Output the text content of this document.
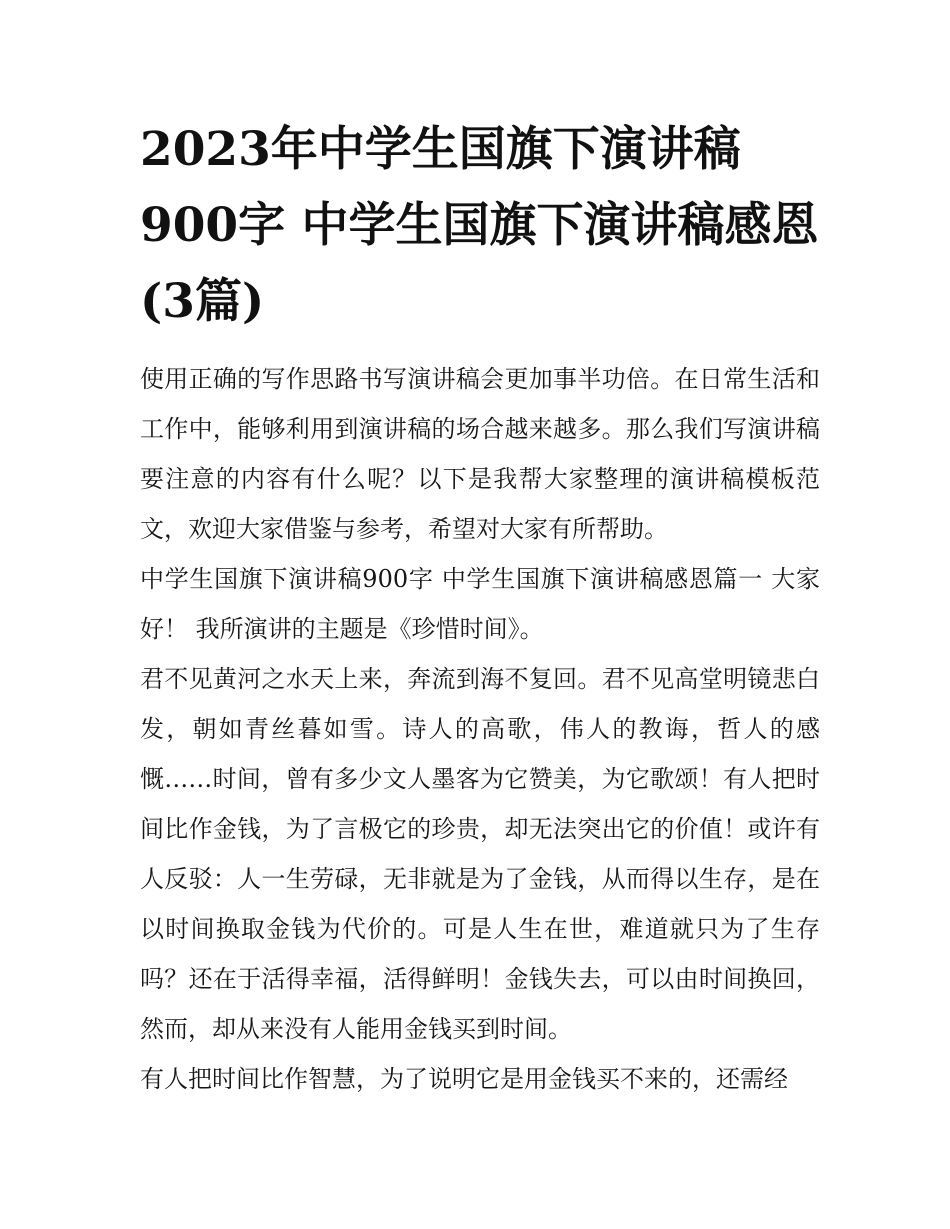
2023年中学生国旗下演讲稿900字 中学生国旗下演讲稿感恩(3篇)

使用正确的写作思路书写演讲稿会更加事半功倍。在日常生活和工作中，能够利用到演讲稿的场合越来越多。那么我们写演讲稿要注意的内容有什么呢？以下是我帮大家整理的演讲稿模板范文，欢迎大家借鉴与参考，希望对大家有所帮助。

中学生国旗下演讲稿900字 中学生国旗下演讲稿感恩篇一 大家好！ 我所演讲的主题是《珍惜时间》。

君不见黄河之水天上来，奔流到海不复回。君不见高堂明镜悲白发，朝如青丝暮如雪。诗人的高歌，伟人的教诲，哲人的感慨……时间，曾有多少文人墨客为它赞美，为它歌颂！有人把时间比作金钱，为了言极它的珍贵，却无法突出它的价值！或许有人反驳：人一生劳碌，无非就是为了金钱，从而得以生存，是在以时间换取金钱为代价的。可是人生在世，难道就只为了生存吗？还在于活得幸福，活得鲜明！金钱失去，可以由时间换回，然而，却从来没有人能用金钱买到时间。

有人把时间比作智慧，为了说明它是用金钱买不来的，还需经
